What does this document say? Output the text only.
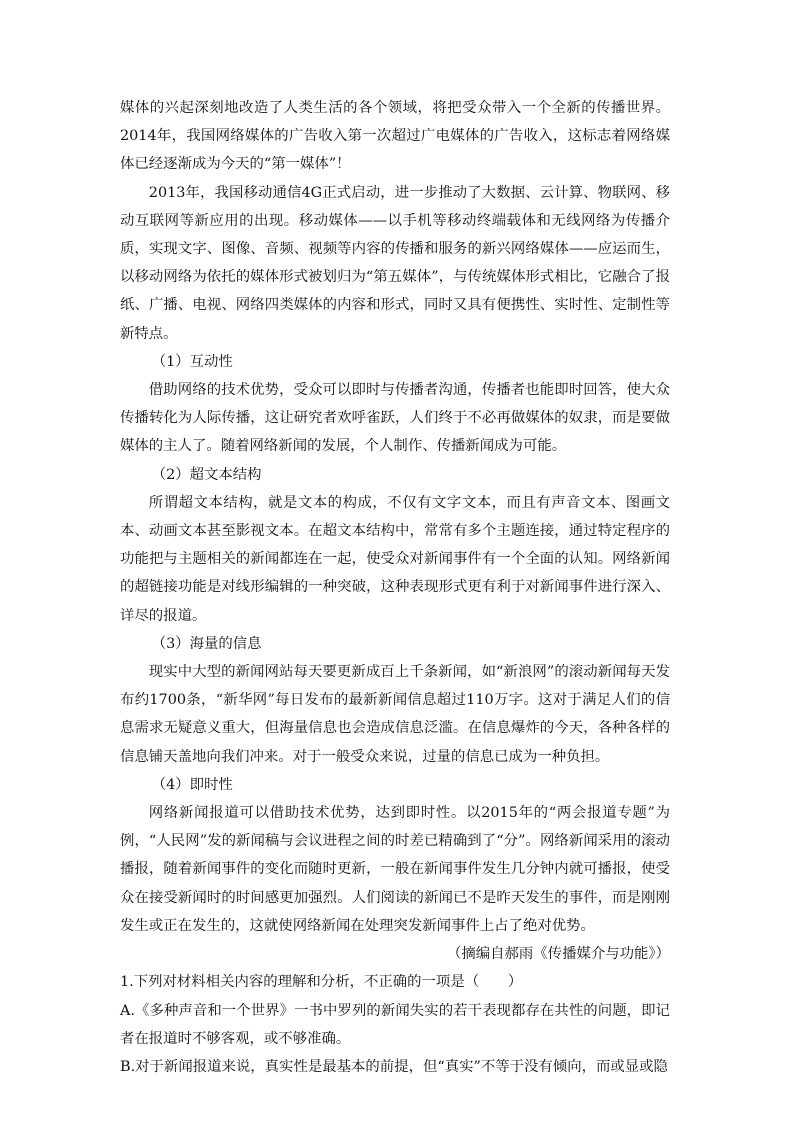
媒体的兴起深刻地改造了人类生活的各个领域，将把受众带入一个全新的传播世界。2014年，我国网络媒体的广告收入第一次超过广电媒体的广告收入，这标志着网络媒体已经逐渐成为今天的“第一媒体”！

2013年，我国移动通信4G正式启动，进一步推动了大数据、云计算、物联网、移动互联网等新应用的出现。移动媒体——以手机等移动终端载体和无线网络为传播介质，实现文字、图像、音频、视频等内容的传播和服务的新兴网络媒体——应运而生，以移动网络为依托的媒体形式被划归为“第五媒体”，与传统媒体形式相比，它融合了报纸、广播、电视、网络四类媒体的内容和形式，同时又具有便携性、实时性、定制性等新特点。

（1）互动性

借助网络的技术优势，受众可以即时与传播者沟通，传播者也能即时回答，使大众传播转化为人际传播，这让研究者欢呼雀跃，人们终于不必再做媒体的奴隶，而是要做媒体的主人了。随着网络新闻的发展，个人制作、传播新闻成为可能。

（2）超文本结构

所谓超文本结构，就是文本的构成，不仅有文字文本，而且有声音文本、图画文本、动画文本甚至影视文本。在超文本结构中，常常有多个主题连接，通过特定程序的功能把与主题相关的新闻都连在一起，使受众对新闻事件有一个全面的认知。网络新闻的超链接功能是对线形编辑的一种突破，这种表现形式更有利于对新闻事件进行深入、详尽的报道。

（3）海量的信息

现实中大型的新闻网站每天要更新成百上千条新闻，如“新浪网”的滚动新闻每天发布约1700条，“新华网”每日发布的最新新闻信息超过110万字。这对于满足人们的信息需求无疑意义重大，但海量信息也会造成信息泛滥。在信息爆炸的今天，各种各样的信息铺天盖地向我们冲来。对于一般受众来说，过量的信息已成为一种负担。

（4）即时性

网络新闻报道可以借助技术优势，达到即时性。以2015年的“两会报道专题”为例，“人民网”发的新闻稿与会议进程之间的时差已精确到了“分”。网络新闻采用的滚动播报，随着新闻事件的变化而随时更新，一般在新闻事件发生几分钟内就可播报，使受众在接受新闻时的时间感更加强烈。人们阅读的新闻已不是昨天发生的事件，而是刚刚发生或正在发生的，这就使网络新闻在处理突发新闻事件上占了绝对优势。

（摘编自郝雨《传播媒介与功能》）

1.下列对材料相关内容的理解和分析，不正确的一项是（　　）

A.《多种声音和一个世界》一书中罗列的新闻失实的若干表现都存在共性的问题，即记者在报道时不够客观，或不够准确。

B.对于新闻报道来说，真实性是最基本的前提，但“真实”不等于没有倾向，而或显或隐
